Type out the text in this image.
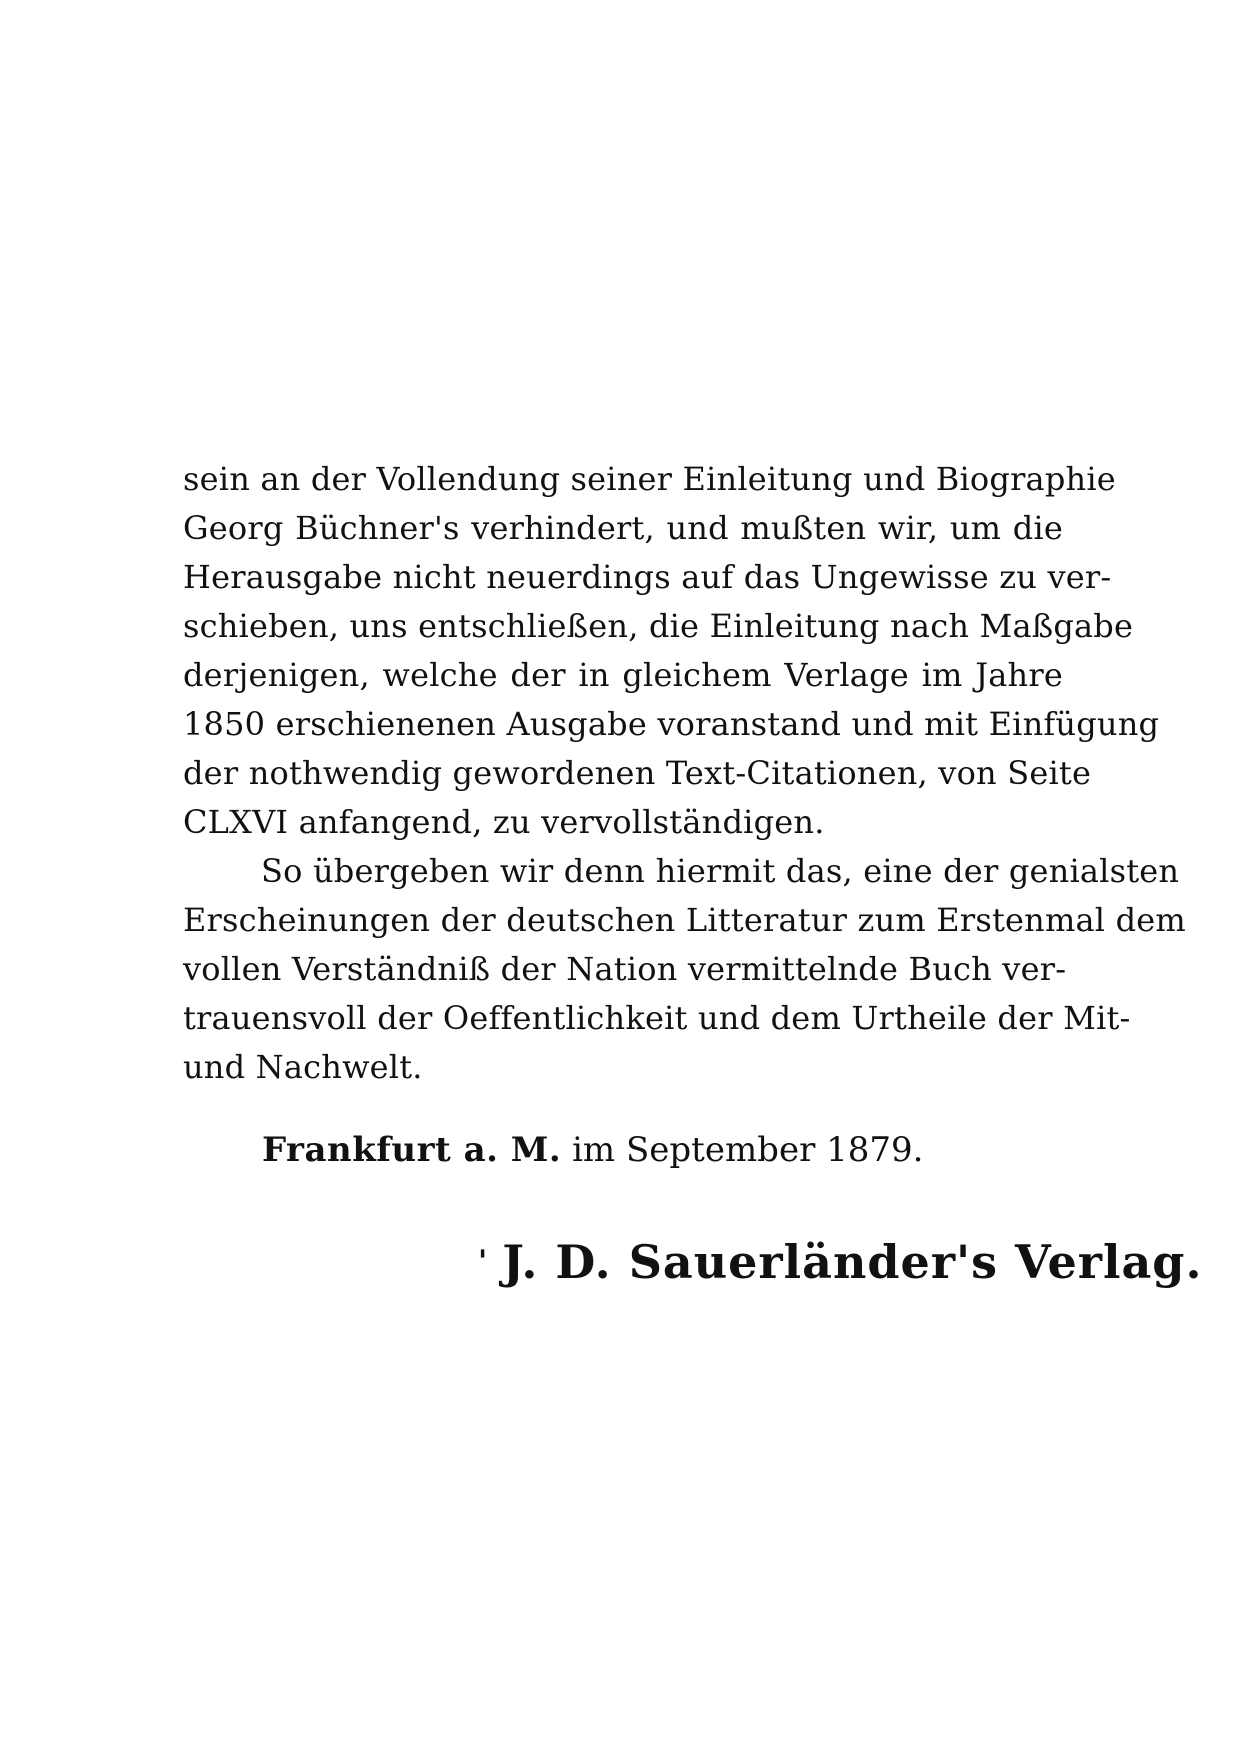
sein an der Vollendung seiner Einleitung und Biographie
Georg Büchner's verhindert, und mußten wir, um die
Herausgabe nicht neuerdings auf das Ungewisse zu ver-
schieben, uns entschließen, die Einleitung nach Maßgabe
derjenigen, welche der in gleichem Verlage im Jahre
1850 erschienenen Ausgabe voranstand und mit Einfügung
der nothwendig gewordenen Text-Citationen, von Seite
CLXVI anfangend, zu vervollständigen.
So übergeben wir denn hiermit das, eine der genialsten
Erscheinungen der deutschen Litteratur zum Erstenmal dem
vollen Verständniß der Nation vermittelnde Buch ver-
trauensvoll der Oeffentlichkeit und dem Urtheile der Mit-
und Nachwelt.
Frankfurt a. M. im September 1879.
' J. D. Sauerländer's Verlag.
